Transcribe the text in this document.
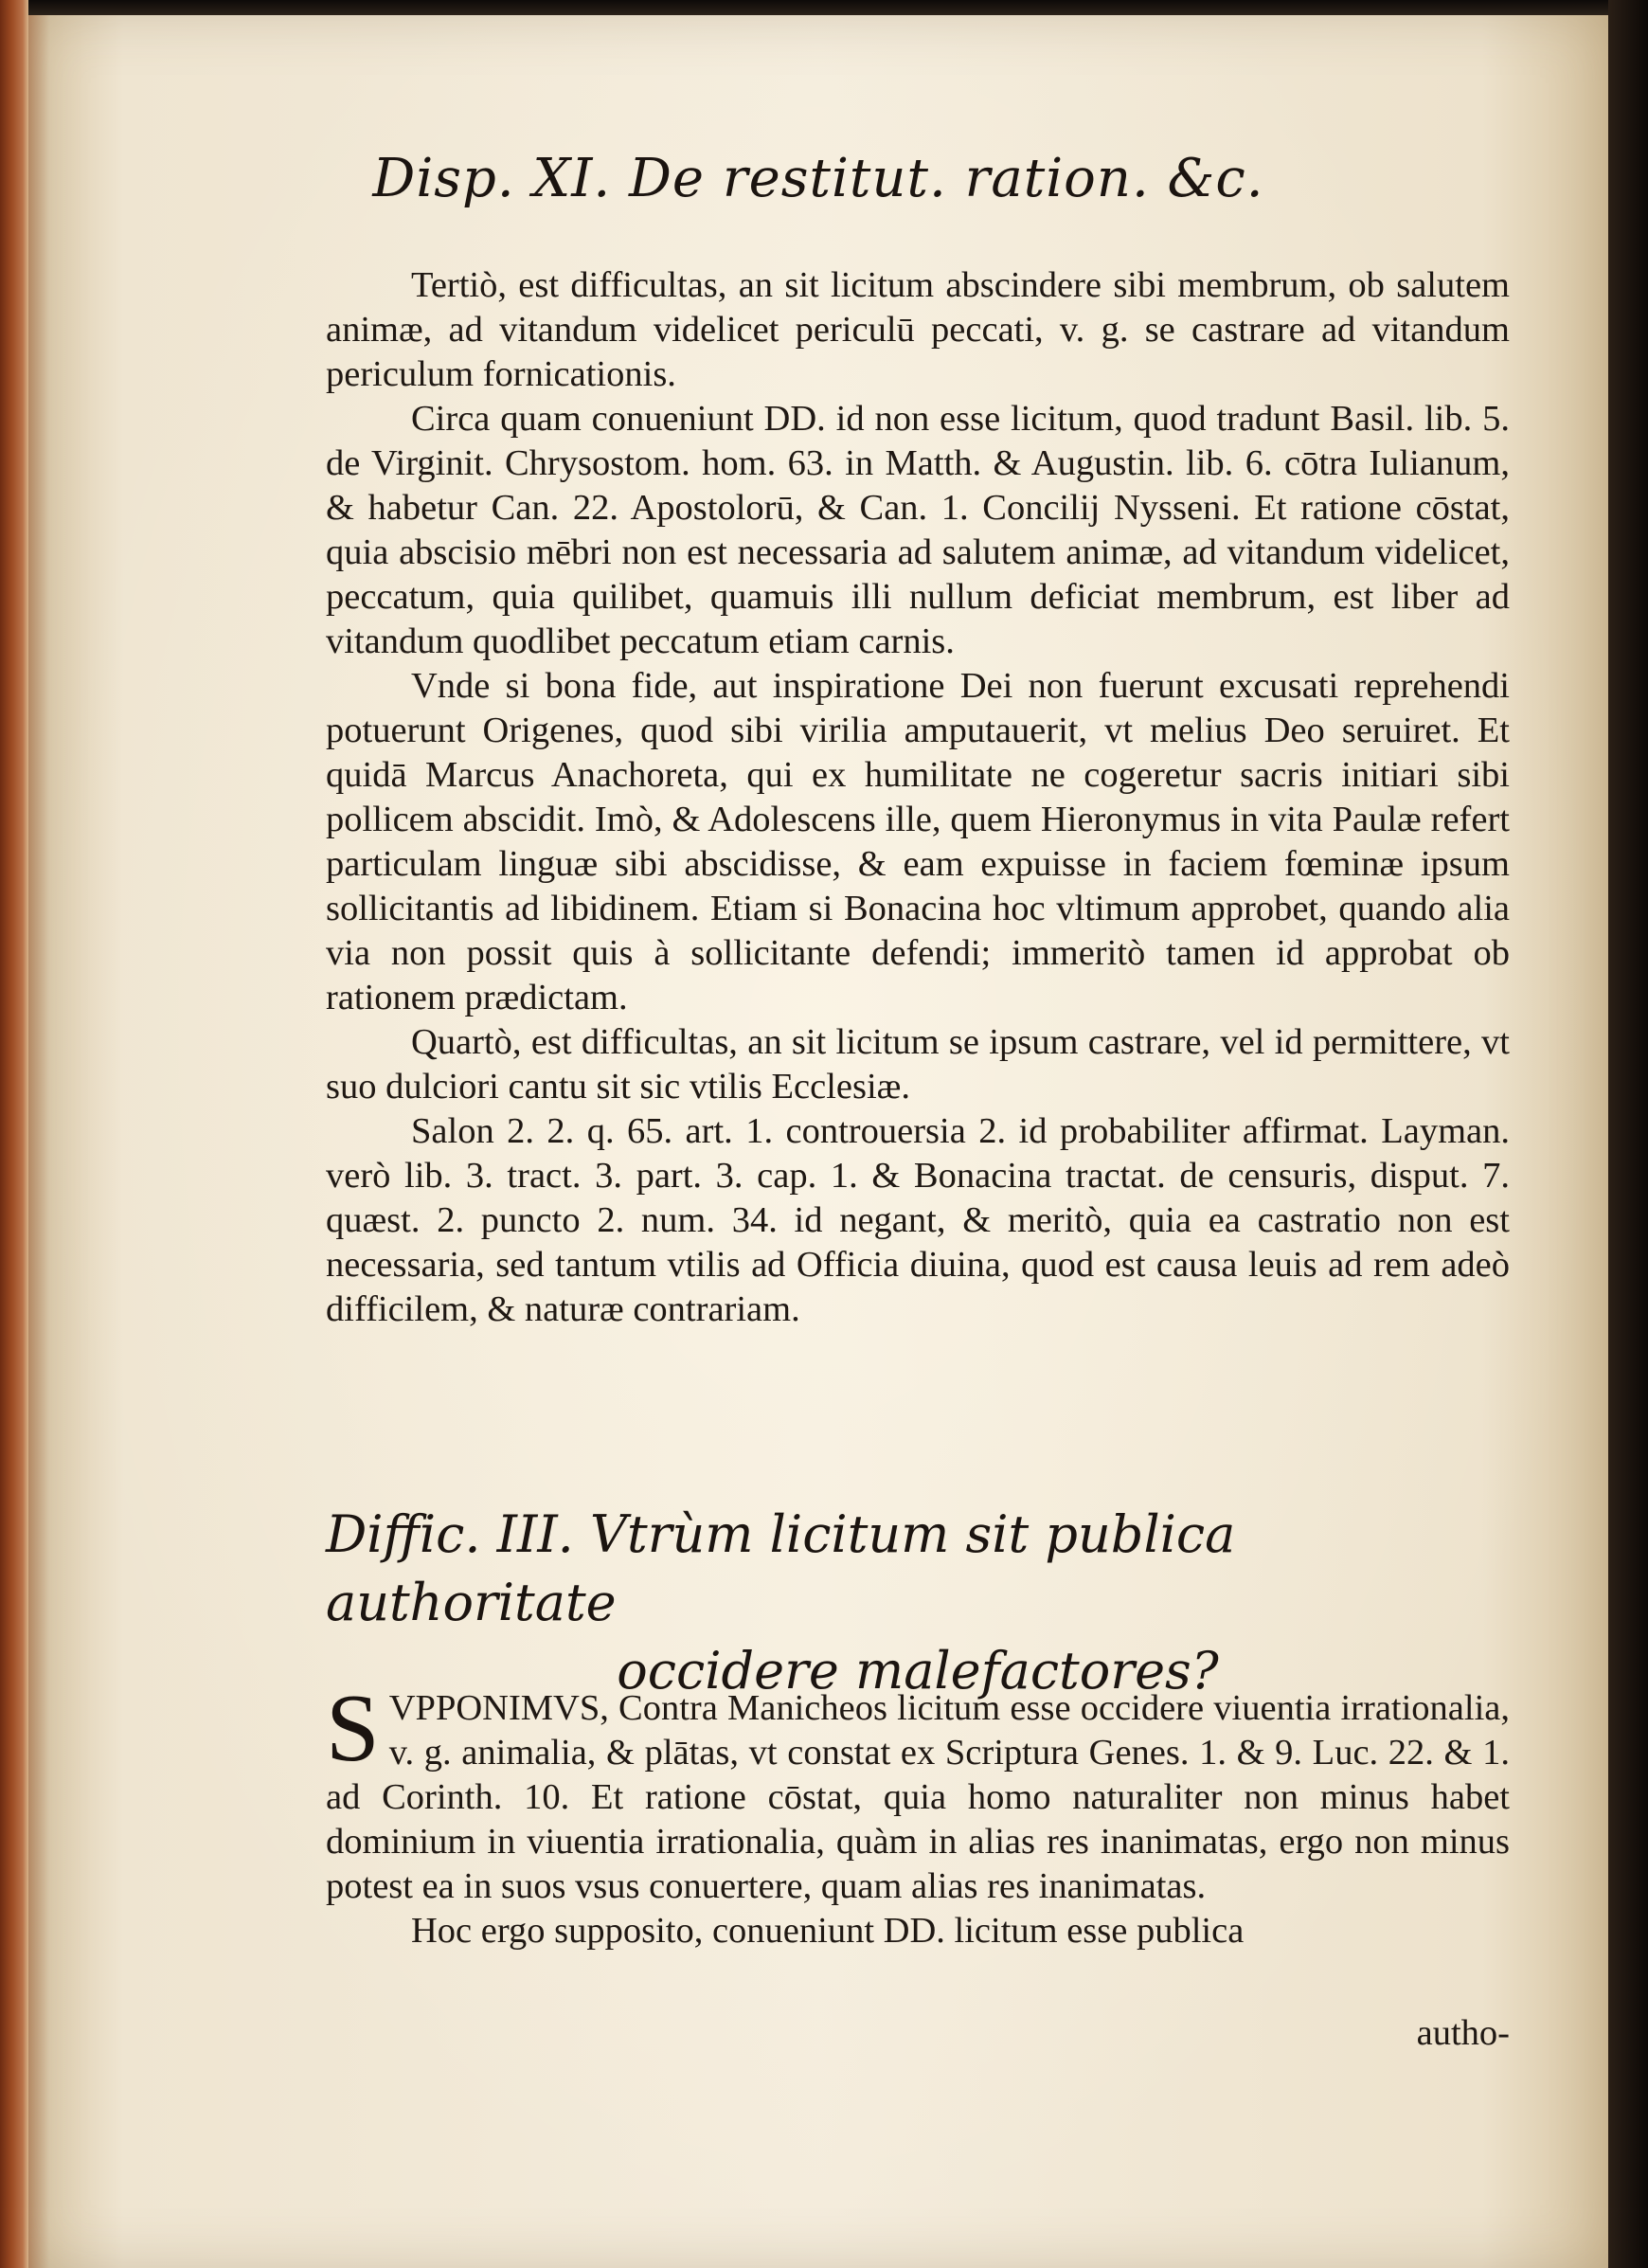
Disp. XI. De restitut. ration. &c.

Tertiò, est difficultas, an sit licitum abscindere sibi membrum, ob salutem animæ, ad vitandum videlicet periculū peccati, v. g. se castrare ad vitandum periculum fornicationis.

Circa quam conueniunt DD. id non esse licitum, quod tradunt Basil. lib. 5. de Virginit. Chrysostom. hom. 63. in Matth. & Augustin. lib. 6. cōtra Iulianum, & habetur Can. 22. Apostolorū, & Can. 1. Concilij Nysseni. Et ratione cōstat, quia abscisio mēbri non est necessaria ad salutem animæ, ad vitandum videlicet, peccatum, quia quilibet, quamuis illi nullum deficiat membrum, est liber ad vitandum quodlibet peccatum etiam carnis.

Vnde si bona fide, aut inspiratione Dei non fuerunt excusati reprehendi potuerunt Origenes, quod sibi virilia amputauerit, vt melius Deo seruiret. Et quidā Marcus Anachoreta, qui ex humilitate ne cogeretur sacris initiari sibi pollicem abscidit. Imò, & Adolescens ille, quem Hieronymus in vita Paulæ refert particulam linguæ sibi abscidisse, & eam expuisse in faciem fœminæ ipsum sollicitantis ad libidinem. Etiam si Bonacina hoc vltimum approbet, quando alia via non possit quis à sollicitante defendi; immeritò tamen id approbat ob rationem prædictam.

Quartò, est difficultas, an sit licitum se ipsum castrare, vel id permittere, vt suo dulciori cantu sit sic vtilis Ecclesiæ.

Salon 2. 2. q. 65. art. 1. controuersia 2. id probabiliter affirmat. Layman. verò lib. 3. tract. 3. part. 3. cap. 1. & Bonacina tractat. de censuris, disput. 7. quæst. 2. puncto 2. num. 34. id negant, & meritò, quia ea castratio non est necessaria, sed tantum vtilis ad Officia diuina, quod est causa leuis ad rem adeò difficilem, & naturæ contrariam.

Diffic. III. Vtrùm licitum sit publica authoritate
occidere malefactores?

SVPPONIMVS, Contra Manicheos licitum esse occidere viuentia irrationalia, v. g. animalia, & plātas, vt constat ex Scriptura Genes. 1. & 9. Luc. 22. & 1. ad Corinth. 10. Et ratione cōstat, quia homo naturaliter non minus habet dominium in viuentia irrationalia, quàm in alias res inanimatas, ergo non minus potest ea in suos vsus conuertere, quam alias res inanimatas.

Hoc ergo supposito, conueniunt DD. licitum esse publica

autho-
